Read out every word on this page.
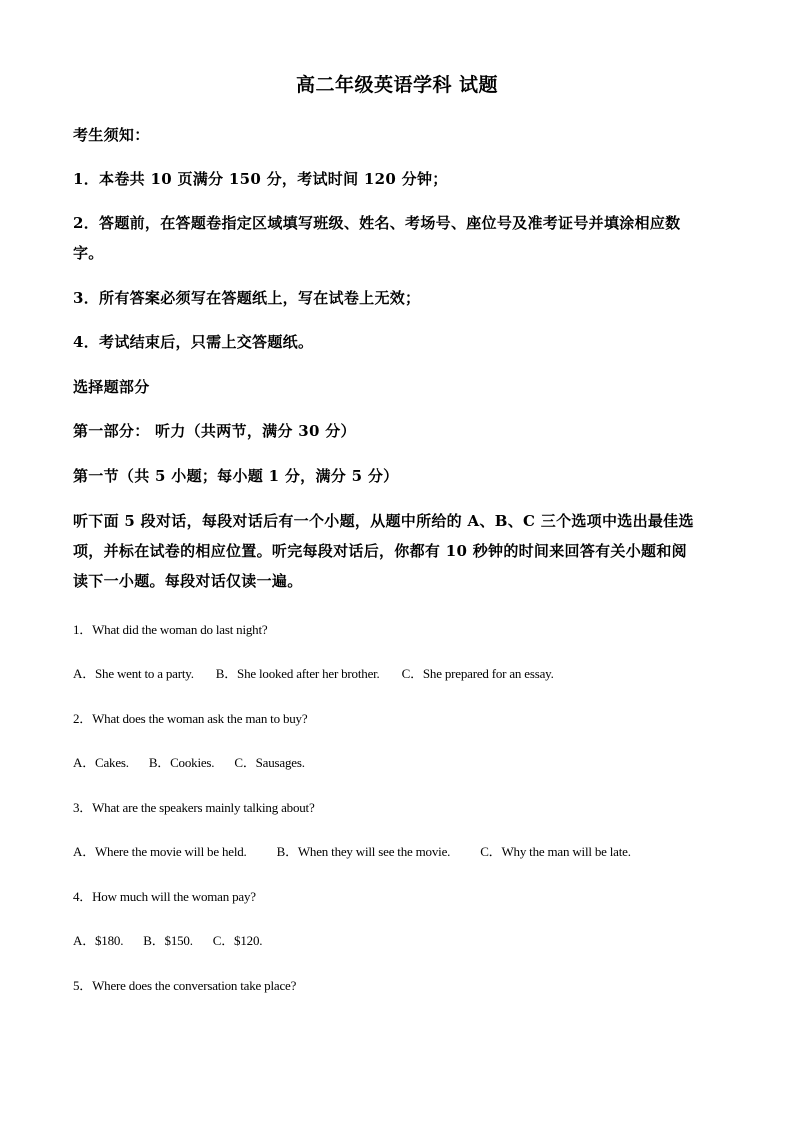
高二年级英语学科 试题
考生须知：
1．本卷共 10 页满分 150 分，考试时间 120 分钟；
2．答题前，在答题卷指定区域填写班级、姓名、考场号、座位号及准考证号并填涂相应数
字。
3．所有答案必须写在答题纸上，写在试卷上无效；
4．考试结束后，只需上交答题纸。
选择题部分
第一部分： 听力（共两节，满分 30 分）
第一节（共 5 小题；每小题 1 分，满分 5 分）
听下面 5 段对话，每段对话后有一个小题，从题中所给的 A、B、C 三个选项中选出最佳选
项，并标在试卷的相应位置。听完每段对话后，你都有 10 秒钟的时间来回答有关小题和阅
读下一小题。每段对话仅读一遍。
1．What did the woman do last night?
A．She went to a party. B．She looked after her brother. C．She prepared for an essay.
2．What does the woman ask the man to buy?
A．Cakes. B．Cookies. C．Sausages.
3．What are the speakers mainly talking about?
A．Where the movie will be held. B．When they will see the movie. C．Why the man will be late.
4．How much will the woman pay?
A．$180. B．$150. C．$120.
5．Where does the conversation take place?
